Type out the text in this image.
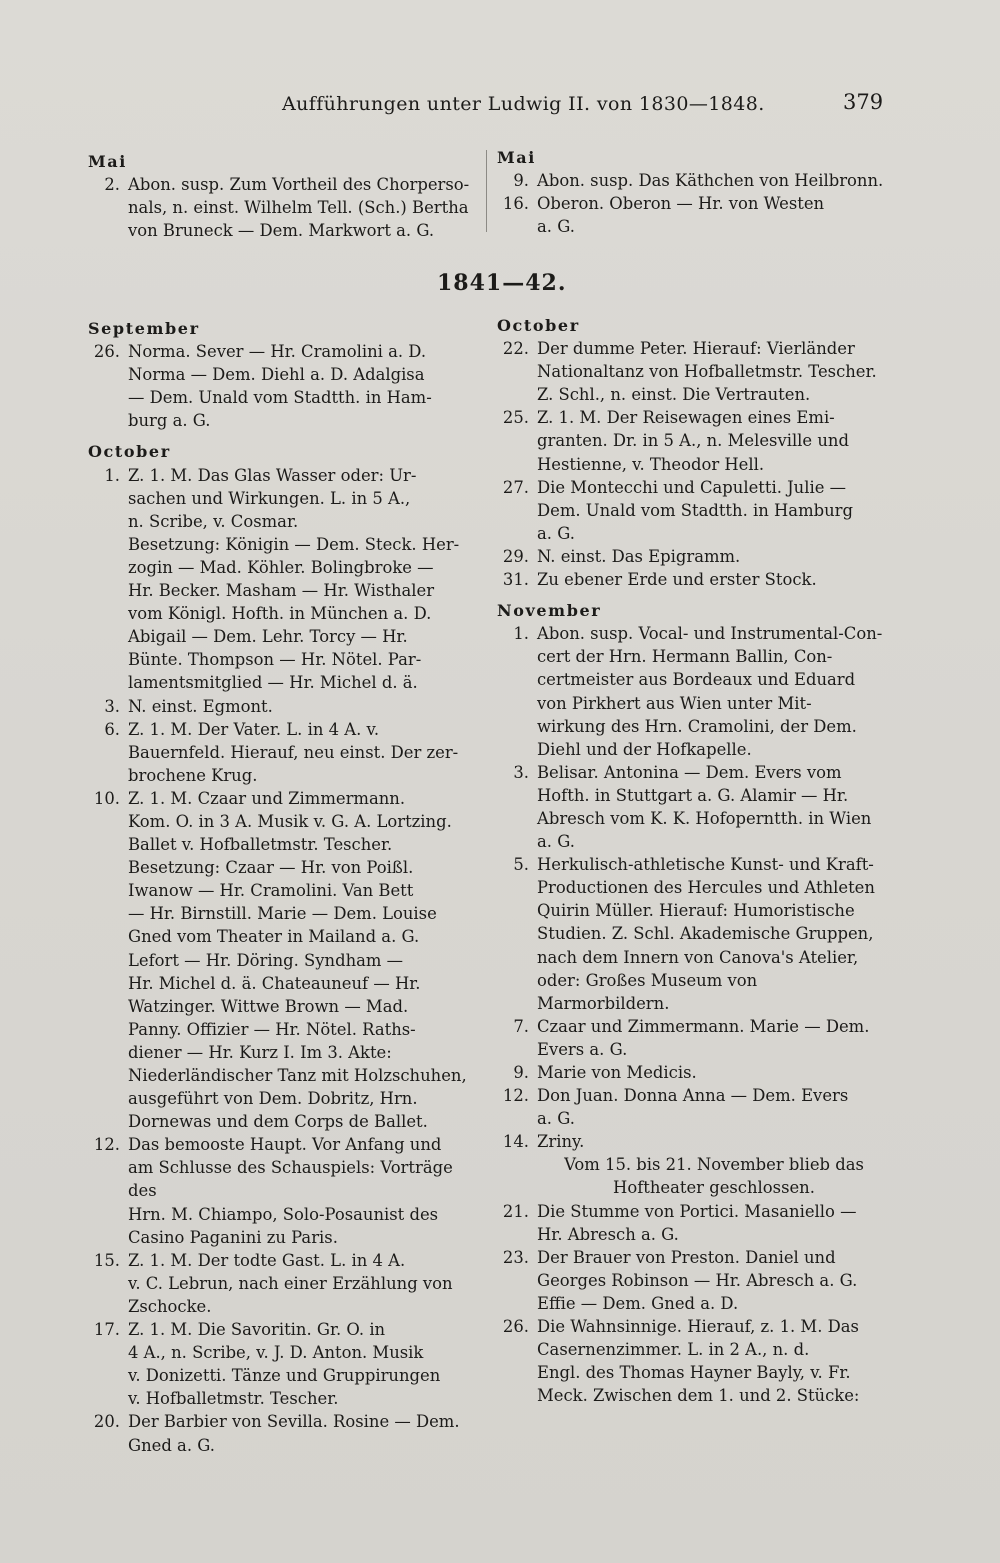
Aufführungen unter Ludwig II. von 1830—1848.	379
Mai
2. Abon. susp. Zum Vortheil des Chorperso-
nals, n. einst. Wilhelm Tell. (Sch.) Bertha
von Bruneck — Dem. Markwort a. G.
Mai
9. Abon. susp. Das Käthchen von Heilbronn.
16. Oberon. Oberon — Hr. von Westen
a. G.
1841—42.
September
26. Norma. Sever — Hr. Cramolini a. D.
Norma — Dem. Diehl a. D. Adalgisa
— Dem. Unald vom Stadtth. in Ham-
burg a. G.
October
1. Z. 1. M. Das Glas Wasser oder: Ur-
sachen und Wirkungen. L. in 5 A.,
n. Scribe, v. Cosmar.
Besetzung: Königin — Dem. Steck. Her-
zogin — Mad. Köhler. Bolingbroke —
Hr. Becker. Masham — Hr. Wisthaler
vom Königl. Hofth. in München a. D.
Abigail — Dem. Lehr. Torcy — Hr.
Bünte. Thompson — Hr. Nötel. Par-
lamentsmitglied — Hr. Michel d. ä.
3. N. einst. Egmont.
6. Z. 1. M. Der Vater. L. in 4 A. v.
Bauernfeld. Hierauf, neu einst. Der zer-
brochene Krug.
10. Z. 1. M. Czaar und Zimmermann.
Kom. O. in 3 A. Musik v. G. A. Lortzing.
Ballet v. Hofballetmstr. Tescher.
Besetzung: Czaar — Hr. von Poißl.
Iwanow — Hr. Cramolini. Van Bett
— Hr. Birnstill. Marie — Dem. Louise
Gned vom Theater in Mailand a. G.
Lefort — Hr. Döring. Syndham —
Hr. Michel d. ä. Chateauneuf — Hr.
Watzinger. Wittwe Brown — Mad.
Panny. Offizier — Hr. Nötel. Raths-
diener — Hr. Kurz I. Im 3. Akte:
Niederländischer Tanz mit Holzschuhen,
ausgeführt von Dem. Dobritz, Hrn.
Dornewas und dem Corps de Ballet.
12. Das bemooste Haupt. Vor Anfang und
am Schlusse des Schauspiels: Vorträge des
Hrn. M. Chiampo, Solo-Posaunist des
Casino Paganini zu Paris.
15. Z. 1. M. Der todte Gast. L. in 4 A.
v. C. Lebrun, nach einer Erzählung von
Zschocke.
17. Z. 1. M. Die Savoritin. Gr. O. in
4 A., n. Scribe, v. J. D. Anton. Musik
v. Donizetti. Tänze und Gruppirungen
v. Hofballetmstr. Tescher.
20. Der Barbier von Sevilla. Rosine — Dem.
Gned a. G.
October
22. Der dumme Peter. Hierauf: Vierländer
Nationaltanz von Hofballetmstr. Tescher.
Z. Schl., n. einst. Die Vertrauten.
25. Z. 1. M. Der Reisewagen eines Emi-
granten. Dr. in 5 A., n. Melesville und
Hestienne, v. Theodor Hell.
27. Die Montecchi und Capuletti. Julie —
Dem. Unald vom Stadtth. in Hamburg
a. G.
29. N. einst. Das Epigramm.
31. Zu ebener Erde und erster Stock.
November
1. Abon. susp. Vocal- und Instrumental-Con-
cert der Hrn. Hermann Ballin, Con-
certmeister aus Bordeaux und Eduard
von Pirkhert aus Wien unter Mit-
wirkung des Hrn. Cramolini, der Dem.
Diehl und der Hofkapelle.
3. Belisar. Antonina — Dem. Evers vom
Hofth. in Stuttgart a. G. Alamir — Hr.
Abresch vom K. K. Hofoperntth. in Wien
a. G.
5. Herkulisch-athletische Kunst- und Kraft-
Productionen des Hercules und Athleten
Quirin Müller. Hierauf: Humoristische
Studien. Z. Schl. Akademische Gruppen,
nach dem Innern von Canova's Atelier,
oder: Großes Museum von Marmorbildern.
7. Czaar und Zimmermann. Marie — Dem.
Evers a. G.
9. Marie von Medicis.
12. Don Juan. Donna Anna — Dem. Evers
a. G.
14. Zriny.
Vom 15. bis 21. November blieb das
Hoftheater geschlossen.
21. Die Stumme von Portici. Masaniello —
Hr. Abresch a. G.
23. Der Brauer von Preston. Daniel und
Georges Robinson — Hr. Abresch a. G.
Effie — Dem. Gned a. D.
26. Die Wahnsinnige. Hierauf, z. 1. M. Das
Casernenzimmer. L. in 2 A., n. d.
Engl. des Thomas Hayner Bayly, v. Fr.
Meck. Zwischen dem 1. und 2. Stücke:
